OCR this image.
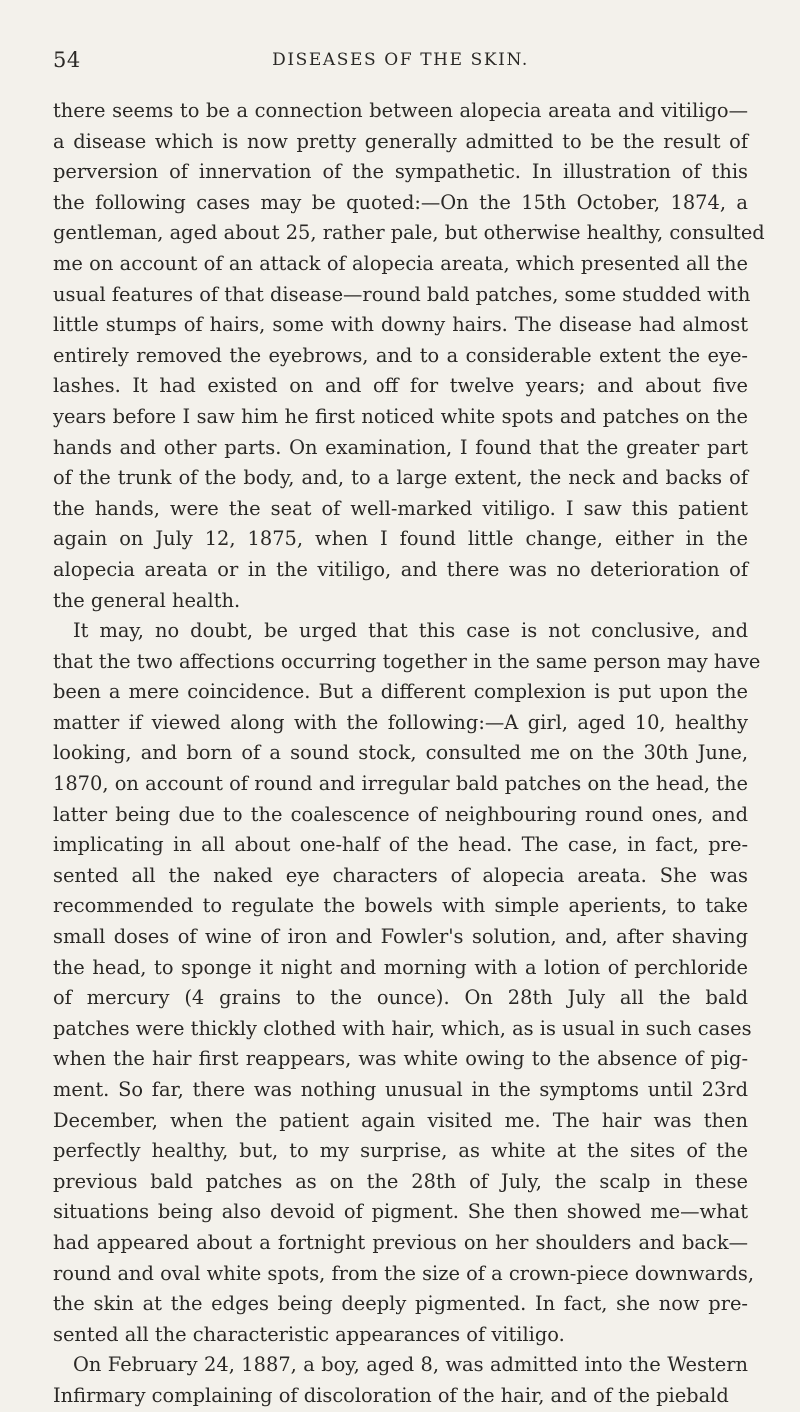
54	DISEASES OF THE SKIN.

there seems to be a connection between alopecia areata and vitiligo—
a disease which is now pretty generally admitted to be the result of
perversion of innervation of the sympathetic. In illustration of this
the following cases may be quoted:—On the 15th October, 1874, a
gentleman, aged about 25, rather pale, but otherwise healthy, consulted
me on account of an attack of alopecia areata, which presented all the
usual features of that disease—round bald patches, some studded with
little stumps of hairs, some with downy hairs. The disease had almost
entirely removed the eyebrows, and to a considerable extent the eye-
lashes. It had existed on and off for twelve years; and about five
years before I saw him he first noticed white spots and patches on the
hands and other parts. On examination, I found that the greater part
of the trunk of the body, and, to a large extent, the neck and backs of
the hands, were the seat of well-marked vitiligo. I saw this patient
again on July 12, 1875, when I found little change, either in the
alopecia areata or in the vitiligo, and there was no deterioration of
the general health.

It may, no doubt, be urged that this case is not conclusive, and
that the two affections occurring together in the same person may have
been a mere coincidence. But a different complexion is put upon the
matter if viewed along with the following:—A girl, aged 10, healthy
looking, and born of a sound stock, consulted me on the 30th June,
1870, on account of round and irregular bald patches on the head, the
latter being due to the coalescence of neighbouring round ones, and
implicating in all about one-half of the head. The case, in fact, pre-
sented all the naked eye characters of alopecia areata. She was
recommended to regulate the bowels with simple aperients, to take
small doses of wine of iron and Fowler's solution, and, after shaving
the head, to sponge it night and morning with a lotion of perchloride
of mercury (4 grains to the ounce). On 28th July all the bald
patches were thickly clothed with hair, which, as is usual in such cases
when the hair first reappears, was white owing to the absence of pig-
ment. So far, there was nothing unusual in the symptoms until 23rd
December, when the patient again visited me. The hair was then
perfectly healthy, but, to my surprise, as white at the sites of the
previous bald patches as on the 28th of July, the scalp in these
situations being also devoid of pigment. She then showed me—what
had appeared about a fortnight previous on her shoulders and back—
round and oval white spots, from the size of a crown-piece downwards,
the skin at the edges being deeply pigmented. In fact, she now pre-
sented all the characteristic appearances of vitiligo.

On February 24, 1887, a boy, aged 8, was admitted into the Western
Infirmary complaining of discoloration of the hair, and of the piebald
